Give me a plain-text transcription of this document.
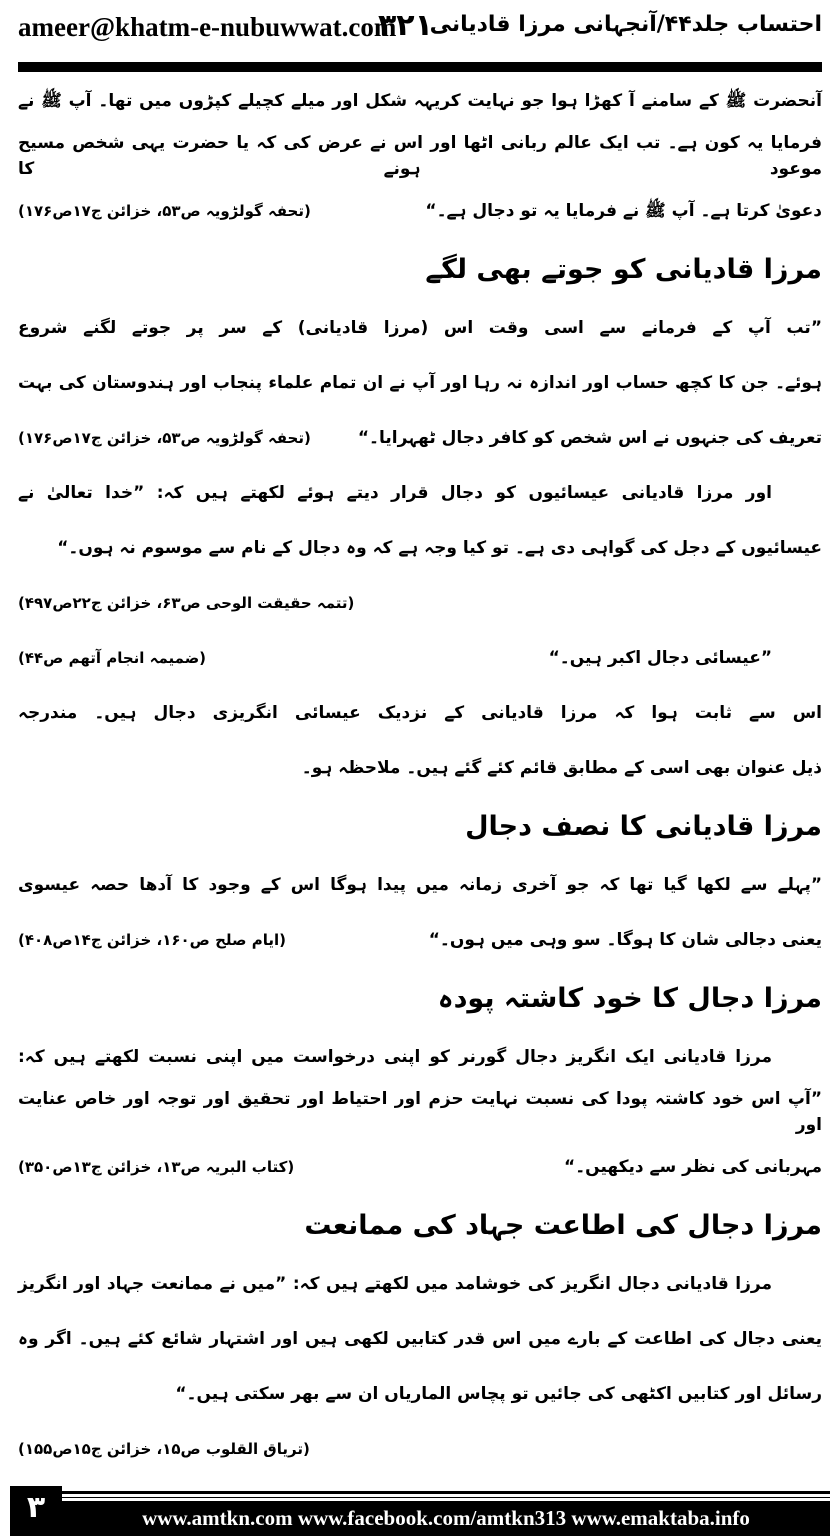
ameer@khatm-e-nubuwwat.com
۳۲۱
احتساب جلد۴۴/آنجہانی مرزا قادیانی
آنحضرت ﷺ کے سامنے آ کھڑا ہوا جو نہایت کریہہ شکل اور میلے کچیلے کپڑوں میں تھا۔ آپ ﷺ نے
فرمایا یہ کون ہے۔ تب ایک عالم ربانی اٹھا اور اس نے عرض کی کہ یا حضرت یہی شخص مسیح موعود ہونے کا
دعویٰ کرتا ہے۔ آپ ﷺ نے فرمایا یہ تو دجال ہے۔“
(تحفہ گولڑویہ ص۵۳، خزائن ج۱۷ص۱۷۶)
مرزا قادیانی کو جوتے بھی لگے
”تب آپ کے فرمانے سے اسی وقت اس (مرزا قادیانی) کے سر پر جوتے لگنے شروع
ہوئے۔ جن کا کچھ حساب اور اندازہ نہ رہا اور آپ نے ان تمام علماء پنجاب اور ہندوستان کی بہت
تعریف کی جنہوں نے اس شخص کو کافر دجال ٹھہرایا۔“
(تحفہ گولڑویہ ص۵۳، خزائن ج۱۷ص۱۷۶)
اور مرزا قادیانی عیسائیوں کو دجال قرار دیتے ہوئے لکھتے ہیں کہ: ”خدا تعالیٰ نے
عیسائیوں کے دجل کی گواہی دی ہے۔ تو کیا وجہ ہے کہ وہ دجال کے نام سے موسوم نہ ہوں۔“
(تتمہ حقیقت الوحی ص۶۳، خزائن ج۲۲ص۴۹۷)
”عیسائی دجال اکبر ہیں۔“
(ضمیمہ انجام آتھم ص۴۴)
اس سے ثابت ہوا کہ مرزا قادیانی کے نزدیک عیسائی انگریزی دجال ہیں۔ مندرجہ
ذیل عنوان بھی اسی کے مطابق قائم کئے گئے ہیں۔ ملاحظہ ہو۔
مرزا قادیانی کا نصف دجال
”پہلے سے لکھا گیا تھا کہ جو آخری زمانہ میں پیدا ہوگا اس کے وجود کا آدھا حصہ عیسوی
یعنی دجالی شان کا ہوگا۔ سو وہی میں ہوں۔“
(ایام صلح ص۱۶۰، خزائن ج۱۴ص۴۰۸)
مرزا دجال کا خود کاشتہ پودہ
مرزا قادیانی ایک انگریز دجال گورنر کو اپنی درخواست میں اپنی نسبت لکھتے ہیں کہ:
”آپ اس خود کاشتہ پودا کی نسبت نہایت حزم اور احتیاط اور تحقیق اور توجہ اور خاص عنایت اور
مہربانی کی نظر سے دیکھیں۔“
(کتاب البریہ ص۱۳، خزائن ج۱۳ص۳۵۰)
مرزا دجال کی اطاعت جہاد کی ممانعت
مرزا قادیانی دجال انگریز کی خوشامد میں لکھتے ہیں کہ: ”میں نے ممانعت جہاد اور انگریز
یعنی دجال کی اطاعت کے بارے میں اس قدر کتابیں لکھی ہیں اور اشتہار شائع کئے ہیں۔ اگر وہ
رسائل اور کتابیں اکٹھی کی جائیں تو پچاس الماریاں ان سے بھر سکتی ہیں۔“
(تریاق القلوب ص۱۵، خزائن ج۱۵ص۱۵۵)
۳	www.amtkn.com www.facebook.com/amtkn313 www.emaktaba.info
